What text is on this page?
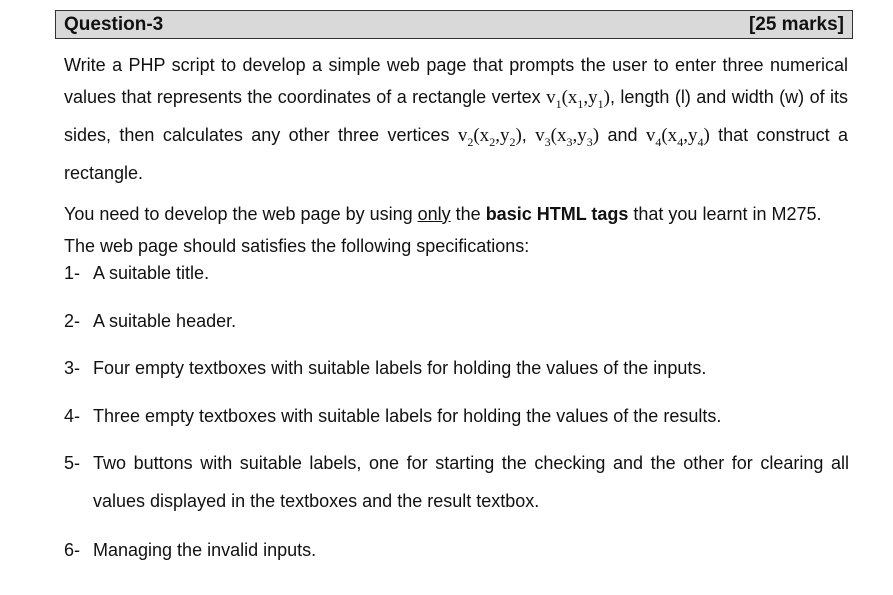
Question-3	[25 marks]

Write a PHP script to develop a simple web page that prompts the user to enter three numerical values that represents the coordinates of a rectangle vertex $v_1(x_1,y_1)$, length (l) and width (w) of its sides, then calculates any other three vertices $v_2(x_2,y_2)$, $v_3(x_3,y_3)$ and $v_4(x_4,y_4)$ that construct a rectangle.

You need to develop the web page by using only the basic HTML tags that you learnt in M275. The web page should satisfies the following specifications:

1- A suitable title.
2- A suitable header.
3- Four empty textboxes with suitable labels for holding the values of the inputs.
4- Three empty textboxes with suitable labels for holding the values of the results.
5- Two buttons with suitable labels, one for starting the checking and the other for clearing all values displayed in the textboxes and the result textbox.
6- Managing the invalid inputs.
